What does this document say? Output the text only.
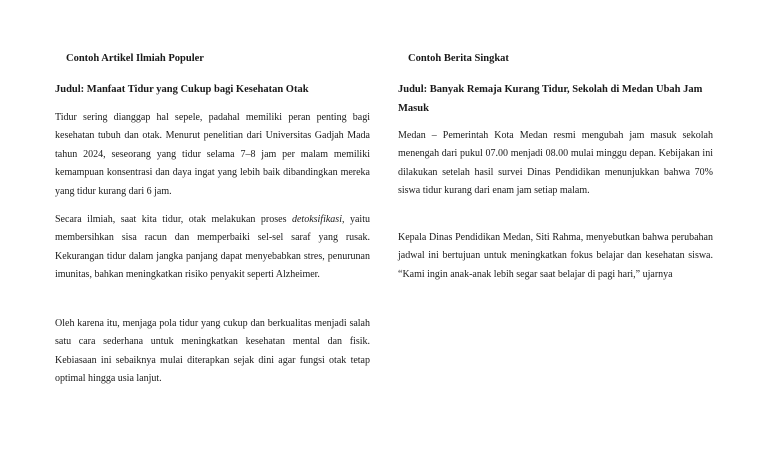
Contoh Artikel Ilmiah Populer
Judul: Manfaat Tidur yang Cukup bagi Kesehatan Otak

Tidur sering dianggap hal sepele, padahal memiliki peran penting bagi kesehatan tubuh dan otak. Menurut penelitian dari Universitas Gadjah Mada tahun 2024, seseorang yang tidur selama 7–8 jam per malam memiliki kemampuan konsentrasi dan daya ingat yang lebih baik dibandingkan mereka yang tidur kurang dari 6 jam.

Secara ilmiah, saat kita tidur, otak melakukan proses detoksifikasi, yaitu membersihkan sisa racun dan memperbaiki sel-sel saraf yang rusak. Kekurangan tidur dalam jangka panjang dapat menyebabkan stres, penurunan imunitas, bahkan meningkatkan risiko penyakit seperti Alzheimer.

Oleh karena itu, menjaga pola tidur yang cukup dan berkualitas menjadi salah satu cara sederhana untuk meningkatkan kesehatan mental dan fisik. Kebiasaan ini sebaiknya mulai diterapkan sejak dini agar fungsi otak tetap optimal hingga usia lanjut.

Contoh Berita Singkat
Judul: Banyak Remaja Kurang Tidur, Sekolah di Medan Ubah Jam Masuk

Medan – Pemerintah Kota Medan resmi mengubah jam masuk sekolah menengah dari pukul 07.00 menjadi 08.00 mulai minggu depan. Kebijakan ini dilakukan setelah hasil survei Dinas Pendidikan menunjukkan bahwa 70% siswa tidur kurang dari enam jam setiap malam.

Kepala Dinas Pendidikan Medan, Siti Rahma, menyebutkan bahwa perubahan jadwal ini bertujuan untuk meningkatkan fokus belajar dan kesehatan siswa. “Kami ingin anak-anak lebih segar saat belajar di pagi hari,” ujarnya
